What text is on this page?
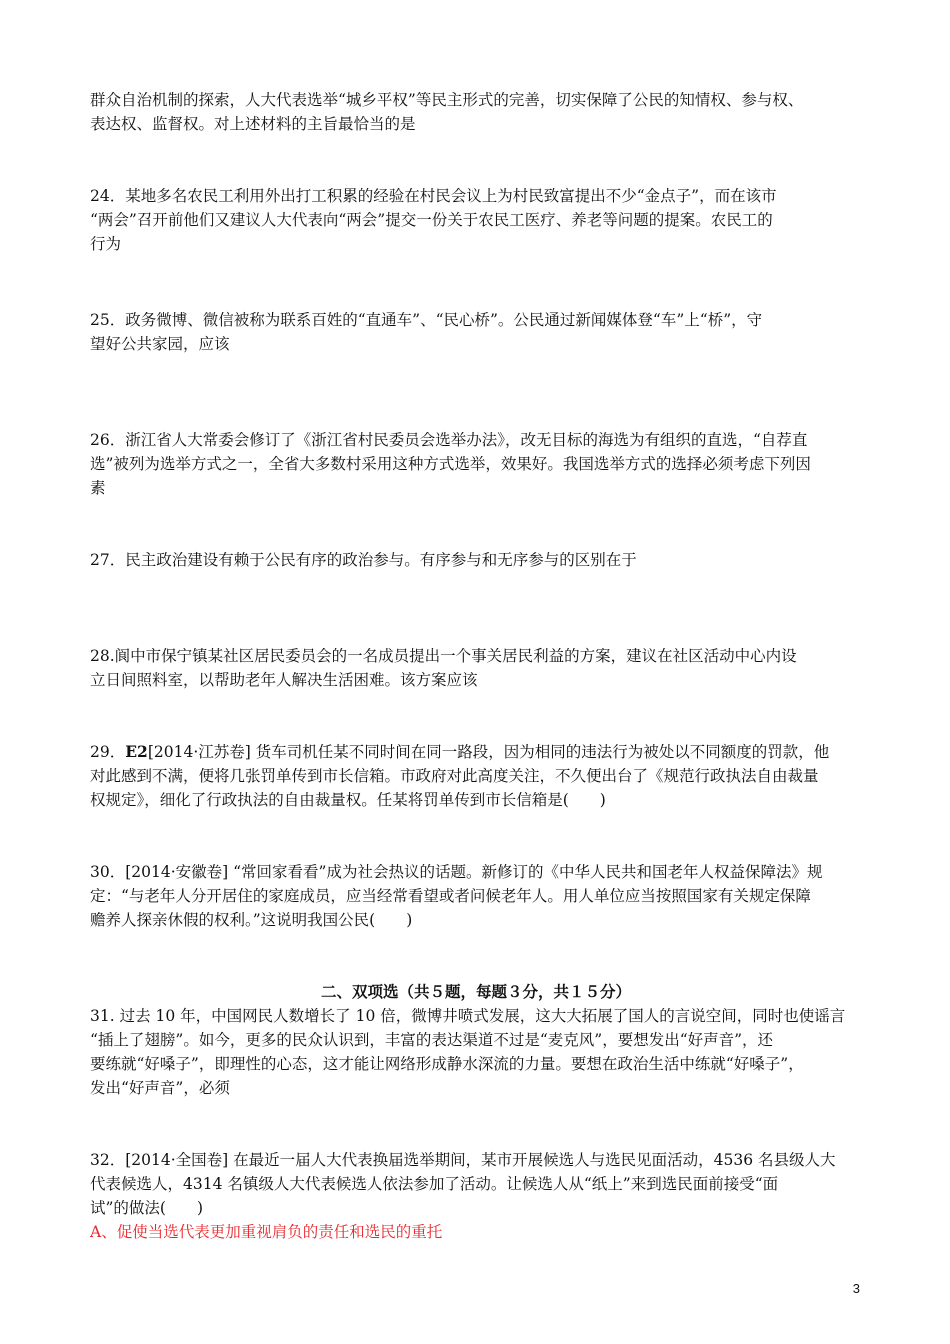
群众自治机制的探索，人大代表选举“城乡平权”等民主形式的完善，切实保障了公民的知情权、参与权、
表达权、监督权。对上述材料的主旨最恰当的是
24．某地多名农民工利用外出打工积累的经验在村民会议上为村民致富提出不少“金点子”，而在该市
“两会”召开前他们又建议人大代表向“两会”提交一份关于农民工医疗、养老等问题的提案。农民工的
行为
25．政务微博、微信被称为联系百姓的“直通车”、“民心桥”。公民通过新闻媒体登“车”上“桥”，守
望好公共家园，应该
26．浙江省人大常委会修订了《浙江省村民委员会选举办法》，改无目标的海选为有组织的直选，“自荐直
选”被列为选举方式之一，全省大多数村采用这种方式选举，效果好。我国选举方式的选择必须考虑下列因
素
27．民主政治建设有赖于公民有序的政治参与。有序参与和无序参与的区别在于
28.阆中市保宁镇某社区居民委员会的一名成员提出一个事关居民利益的方案，建议在社区活动中心内设
立日间照料室，以帮助老年人解决生活困难。该方案应该
29．E2[2014·江苏卷] 货车司机任某不同时间在同一路段，因为相同的违法行为被处以不同额度的罚款，他
对此感到不满，便将几张罚单传到市长信箱。市政府对此高度关注，不久便出台了《规范行政执法自由裁量
权规定》，细化了行政执法的自由裁量权。任某将罚单传到市长信箱是(　　)
30．[2014·安徽卷] “常回家看看”成为社会热议的话题。新修订的《中华人民共和国老年人权益保障法》规
定：“与老年人分开居住的家庭成员，应当经常看望或者问候老年人。用人单位应当按照国家有关规定保障
赡养人探亲休假的权利。”这说明我国公民(　　)
二、双项选（共５题，每题３分，共１５分）
31. 过去 10 年，中国网民人数增长了 10 倍，微博井喷式发展，这大大拓展了国人的言说空间，同时也使谣言
“插上了翅膀”。如今，更多的民众认识到，丰富的表达渠道不过是“麦克风”，要想发出“好声音”，还
要练就“好嗓子”，即理性的心态，这才能让网络形成静水深流的力量。要想在政治生活中练就“好嗓子”，
发出“好声音”，必须
32．[2014·全国卷] 在最近一届人大代表换届选举期间，某市开展候选人与选民见面活动，4536 名县级人大
代表候选人，4314 名镇级人大代表候选人依法参加了活动。让候选人从“纸上”来到选民面前接受“面
试”的做法(　　)
A、促使当选代表更加重视肩负的责任和选民的重托
3
